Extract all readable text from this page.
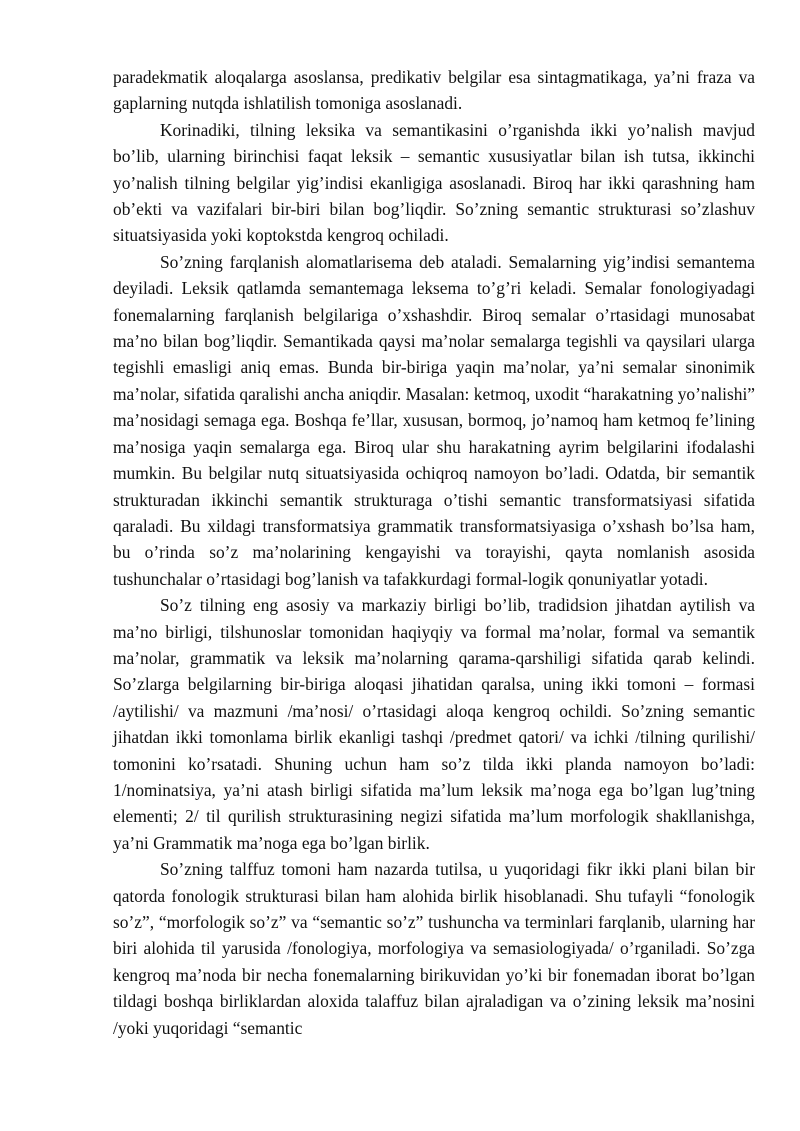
paradekmatik aloqalarga asoslansa, predikativ belgilar esa sintagmatikaga, ya’ni fraza va gaplarning nutqda ishlatilish tomoniga asoslanadi.

Korinadiki, tilning leksika va semantikasini o’rganishda ikki yo’nalish mavjud bo’lib, ularning birinchisi faqat leksik – semantic xususiyatlar bilan ish tutsa, ikkinchi yo’nalish tilning belgilar yig’indisi ekanligiga asoslanadi. Biroq har ikki qarashning ham ob’ekti va vazifalari bir-biri bilan bog’liqdir. So’zning semantic strukturasi so’zlashuv situatsiyasida yoki koptokstda kengroq ochiladi.

So’zning farqlanish alomatlarisema deb ataladi. Semalarning yig’indisi semantema deyiladi. Leksik qatlamda semantemaga leksema to’g’ri keladi. Semalar fonologiyadagi fonemalarning farqlanish belgilariga o’xshashdir. Biroq semalar o’rtasidagi munosabat ma’no bilan bog’liqdir. Semantikada qaysi ma’nolar semalarga tegishli va qaysilari ularga tegishli emasligi aniq emas. Bunda bir-biriga yaqin ma’nolar, ya’ni semalar sinonimik ma’nolar, sifatida qaralishi ancha aniqdir. Masalan: ketmoq, uxodit “harakatning yo’nalishi” ma’nosidagi semaga ega. Boshqa fe’llar, xususan, bormoq, jo’namoq ham ketmoq fe’lining ma’nosiga yaqin semalarga ega. Biroq ular shu harakatning ayrim belgilarini ifodalashi mumkin. Bu belgilar nutq situatsiyasida ochiqroq namoyon bo’ladi. Odatda, bir semantik strukturadan ikkinchi semantik strukturaga o’tishi semantic transformatsiyasi sifatida qaraladi. Bu xildagi transformatsiya grammatik transformatsiyasiga o’xshash bo’lsa ham, bu o’rinda so’z ma’nolarining kengayishi va torayishi, qayta nomlanish asosida tushunchalar o’rtasidagi bog’lanish va tafakkurdagi formal-logik qonuniyatlar yotadi.

So’z tilning eng asosiy va markaziy birligi bo’lib, tradidsion jihatdan aytilish va ma’no birligi, tilshunoslar tomonidan haqiyqiy va formal ma’nolar, formal va semantik ma’nolar, grammatik va leksik ma’nolarning qarama-qarshiligi sifatida qarab kelindi. So’zlarga belgilarning bir-biriga aloqasi jihatidan qaralsa, uning ikki tomoni – formasi /aytilishi/ va mazmuni /ma’nosi/ o’rtasidagi aloqa kengroq ochildi. So’zning semantic jihatdan ikki tomonlama birlik ekanligi tashqi /predmet qatori/ va ichki /tilning qurilishi/ tomonini ko’rsatadi. Shuning uchun ham so’z tilda ikki planda namoyon bo’ladi: 1/nominatsiya, ya’ni atash birligi sifatida ma’lum leksik ma’noga ega bo’lgan lug’tning elementi; 2/ til qurilish strukturasining negizi sifatida ma’lum morfologik shakllanishga, ya’ni Grammatik ma’noga ega bo’lgan birlik.

So’zning talffuz tomoni ham nazarda tutilsa, u yuqoridagi fikr ikki plani bilan bir qatorda fonologik strukturasi bilan ham alohida birlik hisoblanadi. Shu tufayli “fonologik so’z”, “morfologik so’z” va “semantic so’z” tushuncha va terminlari farqlanib, ularning har biri alohida til yarusida /fonologiya, morfologiya va semasiologiyada/ o’rganiladi. So’zga kengroq ma’noda bir necha fonemalarning birikuvidan yo’ki bir fonemadan iborat bo’lgan tildagi boshqa birliklardan aloxida talaffuz bilan ajraladigan va o’zining leksik ma’nosini /yoki yuqoridagi “semantic
